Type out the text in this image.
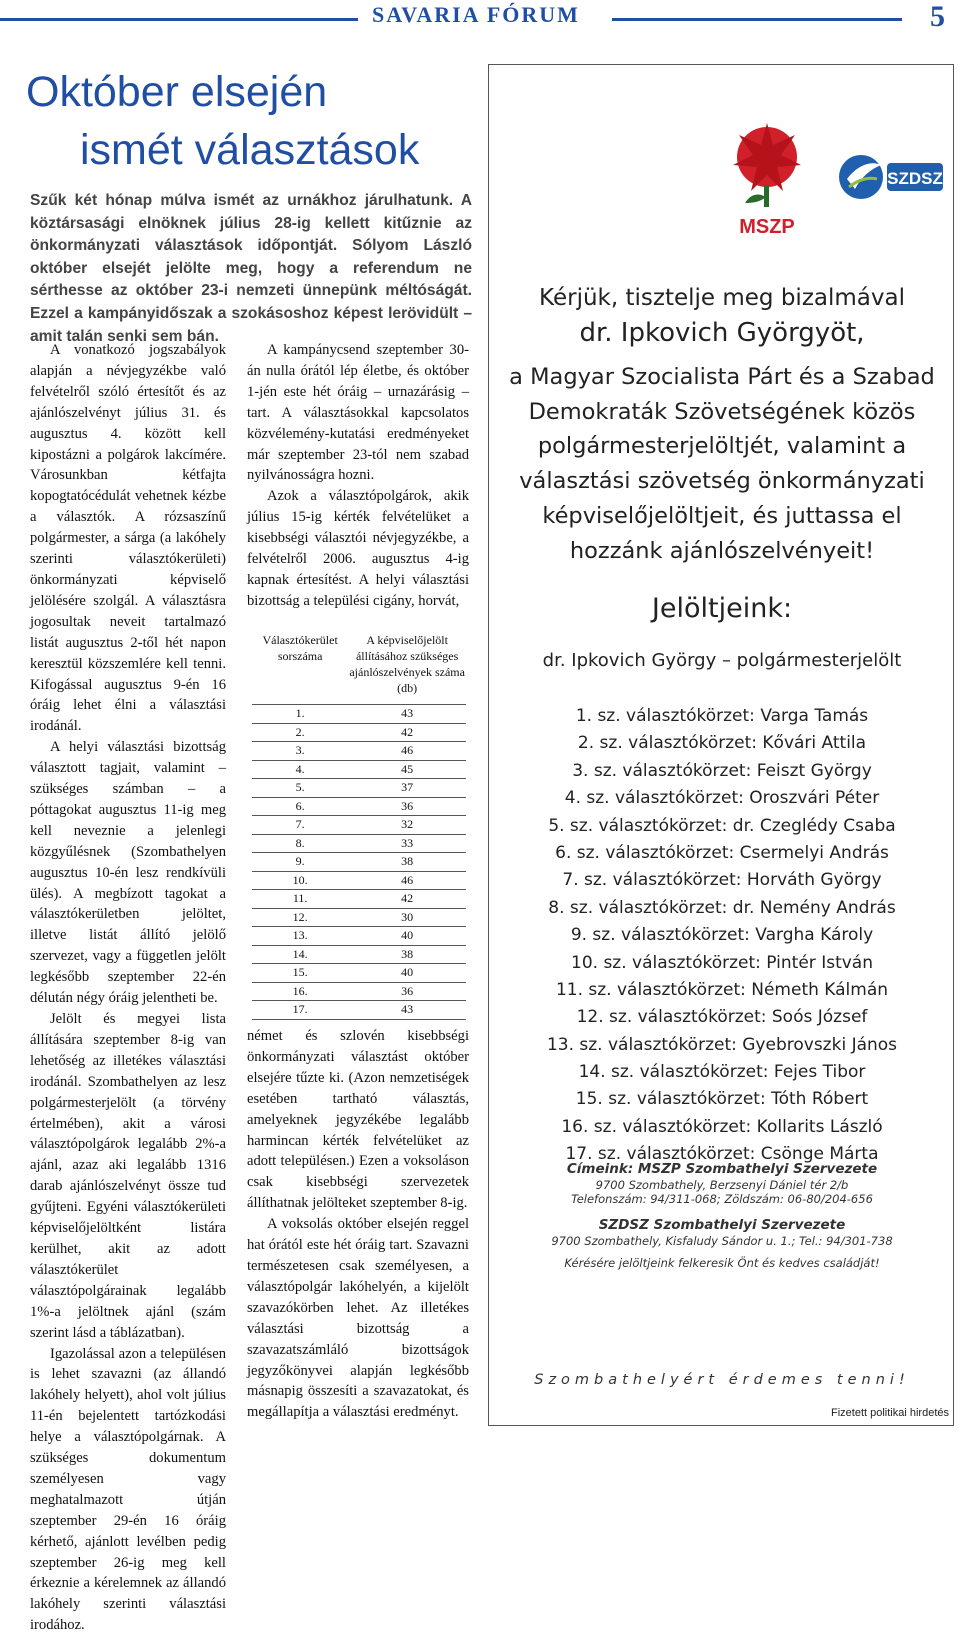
SAVARIA FÓRUM	5
Október elsején
ismét választások
Szűk két hónap múlva ismét az urnákhoz járulhatunk. A köztársasági elnöknek július 28-ig kellett kitűznie az önkormányzati választások időpontját. Sólyom László október elsejét jelölte meg, hogy a referendum ne sérthesse az október 23-i nemzeti ünnepünk méltóságát. Ezzel a kampányidőszak a szokásoshoz képest lerövidült – amit talán senki sem bán.

A vonatkozó jogszabályok alapján a névjegyzékbe való felvételről szóló értesítőt és az ajánlószelvényt július 31. és augusztus 4. között kell kipostázni a polgárok lakcímére. Városunkban kétfajta kopogtatócédulát vehetnek kézbe a választók. A rózsaszínű polgármester, a sárga (a lakóhely szerinti választókerületi) önkormányzati képviselő jelölésére szolgál. A választásra jogosultak neveit tartalmazó listát augusztus 2-től hét napon keresztül közszemlére kell tenni. Kifogással augusztus 9-én 16 óráig lehet élni a választási irodánál.

A helyi választási bizottság választott tagjait, valamint – szükséges számban – a póttagokat augusztus 11-ig meg kell neveznie a jelenlegi közgyűlésnek (Szombathelyen augusztus 10-én lesz rendkívüli ülés). A megbízott tagokat a választókerületben jelöltet, illetve listát állító jelölő szervezet, vagy a független jelölt legkésőbb szeptember 22-én délután négy óráig jelentheti be.

Jelölt és megyei lista állítására szeptember 8-ig van lehetőség az illetékes választási irodánál. Szombathelyen az lesz polgármesterjelölt (a törvény értelmében), akit a városi választópolgárok legalább 2%-a ajánl, azaz aki legalább 1316 darab ajánlószelvényt össze tud gyűjteni. Egyéni választókerületi képviselőjelöltként listára kerülhet, akit az adott választókerület választópolgárainak legalább 1%-a jelöltnek ajánl (szám szerint lásd a táblázatban).

Igazolással azon a településen is lehet szavazni (az állandó lakóhely helyett), ahol volt július 11-én bejelentett tartózkodási helye a választópolgárnak. A szükséges dokumentum személyesen vagy meghatalmazott útján szeptember 29-én 16 óráig kérhető, ajánlott levélben pedig szeptember 26-ig meg kell érkeznie a kérelemnek az állandó lakóhely szerinti választási irodához.

A kampánycsend szeptember 30-án nulla órától lép életbe, és október 1-jén este hét óráig – urnazárásig – tart. A választásokkal kapcsolatos közvélemény-kutatási eredményeket már szeptember 23-tól nem szabad nyilvánosságra hozni.

Azok a választópolgárok, akik július 15-ig kérték felvételüket a kisebbségi választói névjegyzékbe, a felvételről 2006. augusztus 4-ig kapnak értesítést. A helyi választási bizottság a települési cigány, horvát,

Választókerület sorszáma	A képviselőjelölt állításához szükséges ajánlószelvények száma (db)
1.	43
2.	42
3.	46
4.	45
5.	37
6.	36
7.	32
8.	33
9.	38
10.	46
11.	42
12.	30
13.	40
14.	38
15.	40
16.	36
17.	43

német és szlovén kisebbségi önkormányzati választást október elsejére tűzte ki. (Azon nemzetiségek esetében tartható választás, amelyeknek jegyzékébe legalább harmincan kérték felvételüket az adott településen.) Ezen a voksoláson csak kisebbségi szervezetek állíthatnak jelölteket szeptember 8-ig.

A voksolás október elsején reggel hat órától este hét óráig tart. Szavazni természetesen csak személyesen, a választópolgár lakóhelyén, a kijelölt szavazókörben lehet. Az illetékes választási bizottság a szavazatszámláló bizottságok jegyzőkönyvei alapján legkésőbb másnapig összesíti a szavazatokat, és megállapítja a választási eredményt.

MSZP
SZDSZ
Kérjük, tisztelje meg bizalmával
dr. Ipkovich Györgyöt,
a Magyar Szocialista Párt és a Szabad
Demokraták Szövetségének közös
polgármesterjelöltjét, valamint a
választási szövetség önkormányzati
képviselőjelöltjeit, és juttassa el
hozzánk ajánlószelvényeit!
Jelöltjeink:
dr. Ipkovich György – polgármesterjelölt
1. sz. választókörzet: Varga Tamás
2. sz. választókörzet: Kővári Attila
3. sz. választókörzet: Feiszt György
4. sz. választókörzet: Oroszvári Péter
5. sz. választókörzet: dr. Czeglédy Csaba
6. sz. választókörzet: Csermelyi András
7. sz. választókörzet: Horváth György
8. sz. választókörzet: dr. Nemény András
9. sz. választókörzet: Vargha Károly
10. sz. választókörzet: Pintér István
11. sz. választókörzet: Németh Kálmán
12. sz. választókörzet: Soós József
13. sz. választókörzet: Gyebrovszki János
14. sz. választókörzet: Fejes Tibor
15. sz. választókörzet: Tóth Róbert
16. sz. választókörzet: Kollarits László
17. sz. választókörzet: Csönge Márta
Címeink: MSZP Szombathelyi Szervezete
9700 Szombathely, Berzsenyi Dániel tér 2/b
Telefonszám: 94/311-068; Zöldszám: 06-80/204-656
SZDSZ Szombathelyi Szervezete
9700 Szombathely, Kisfaludy Sándor u. 1.; Tel.: 94/301-738
Kérésére jelöltjeink felkeresik Önt és kedves családját!
Szombathelyért érdemes tenni!
Fizetett politikai hirdetés
